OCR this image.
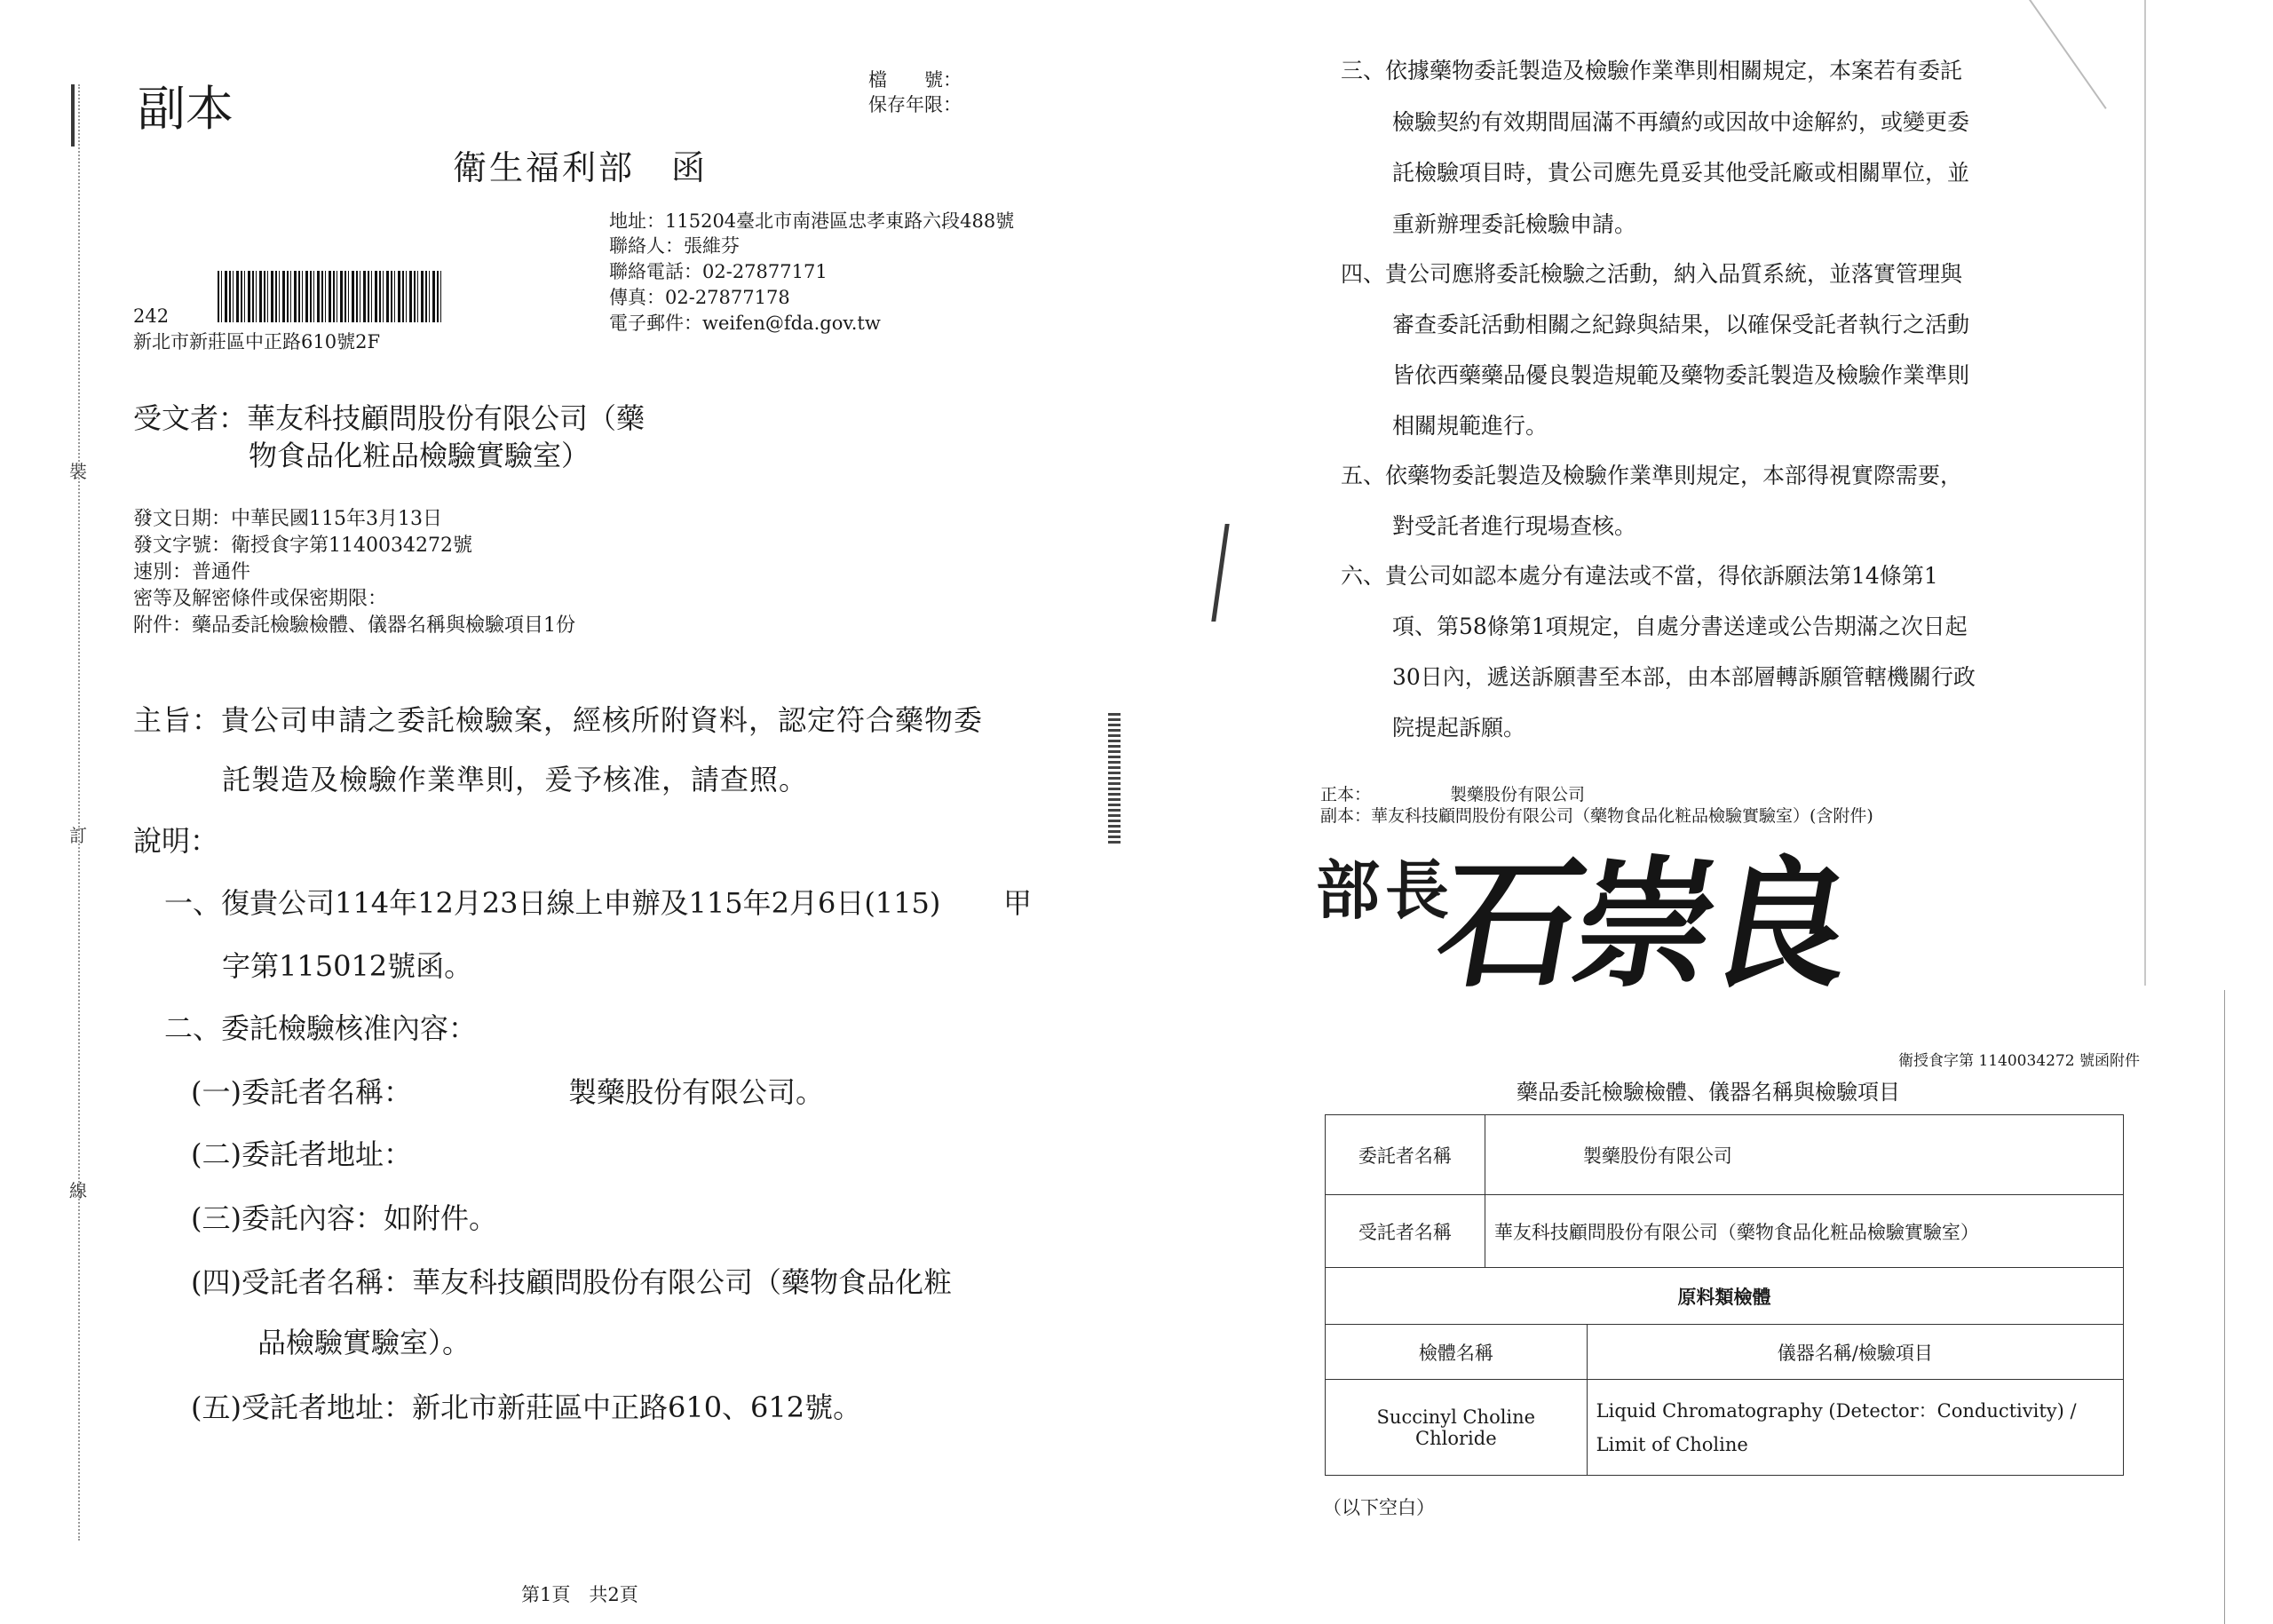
裝
訂
線
副本
檔　　號：
保存年限：
衛生福利部　函
地址：115204臺北市南港區忠孝東路六段488號
聯絡人：張維芬
聯絡電話：02-27877171
傳真：02-27877178
電子郵件：weifen@fda.gov.tw
242
新北市新莊區中正路610號2F
受文者：華友科技顧問股份有限公司（藥
物食品化粧品檢驗實驗室）
發文日期：中華民國115年3月13日
發文字號：衛授食字第1140034272號
速別：普通件
密等及解密條件或保密期限：
附件：藥品委託檢驗檢體、儀器名稱與檢驗項目1份
主旨：貴公司申請之委託檢驗案，經核所附資料，認定符合藥物委
託製造及檢驗作業準則，爰予核准，請查照。
說明：
一、復貴公司114年12月23日線上申辦及115年2月6日(115) 甲
字第115012號函。
二、委託檢驗核准內容：
(一)委託者名稱：	製藥股份有限公司。
(二)委託者地址：
(三)委託內容：如附件。
(四)受託者名稱：華友科技顧問股份有限公司（藥物食品化粧
品檢驗實驗室）。
(五)受託者地址：新北市新莊區中正路610、612號。
第1頁　共2頁
三、依據藥物委託製造及檢驗作業準則相關規定，本案若有委託
檢驗契約有效期間屆滿不再續約或因故中途解約，或變更委
託檢驗項目時，貴公司應先覓妥其他受託廠或相關單位，並
重新辦理委託檢驗申請。
四、貴公司應將委託檢驗之活動，納入品質系統，並落實管理與
審查委託活動相關之紀錄與結果，以確保受託者執行之活動
皆依西藥藥品優良製造規範及藥物委託製造及檢驗作業準則
相關規範進行。
五、依藥物委託製造及檢驗作業準則規定，本部得視實際需要，
對受託者進行現場查核。
六、貴公司如認本處分有違法或不當，得依訴願法第14條第1
項、第58條第1項規定，自處分書送達或公告期滿之次日起
30日內，遞送訴願書至本部，由本部層轉訴願管轄機關行政
院提起訴願。
正本：	製藥股份有限公司
副本：華友科技顧問股份有限公司（藥物食品化粧品檢驗實驗室）(含附件)
部長
石崇良
衛授食字第 1140034272 號函附件
藥品委託檢驗檢體、儀器名稱與檢驗項目
委託者名稱	製藥股份有限公司	
受託者名稱	華友科技顧問股份有限公司（藥物食品化粧品檢驗實驗室）	
原料類檢體		
檢體名稱		儀器名稱/檢驗項目
Succinyl Choline Chloride		Liquid Chromatography (Detector：Conductivity) / Limit of Choline
（以下空白）
